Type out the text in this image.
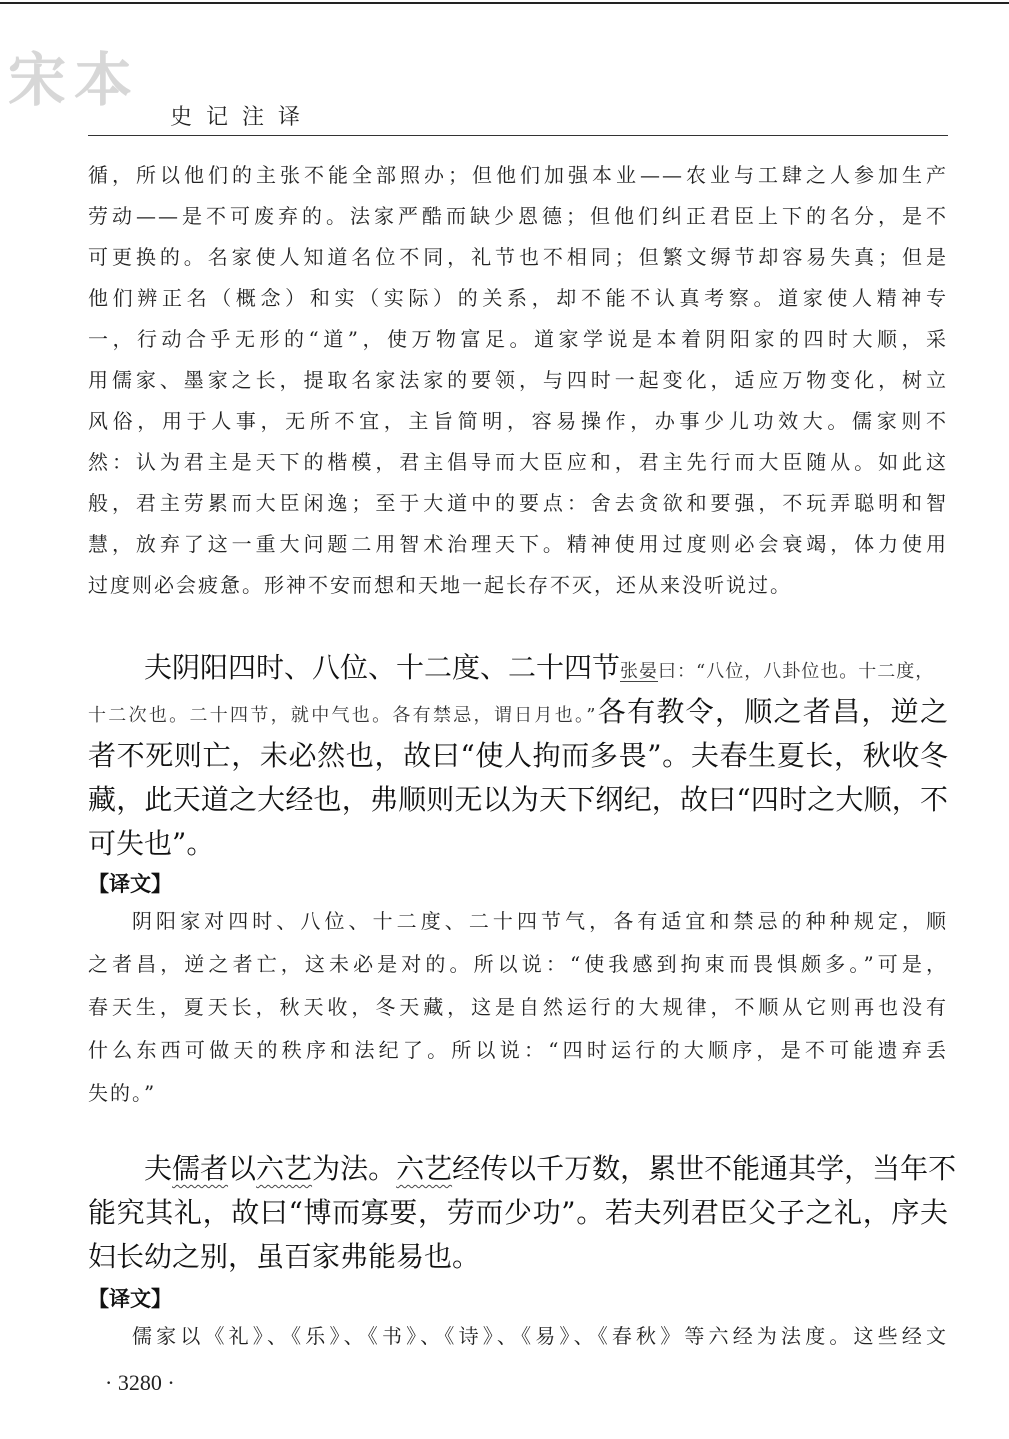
宋本
史记注译
循，所以他们的主张不能全部照办；但他们加强本业——农业与工肆之人参加生产
劳动——是不可废弃的。法家严酷而缺少恩德；但他们纠正君臣上下的名分，是不
可更换的。名家使人知道名位不同，礼节也不相同；但繁文缛节却容易失真；但是
他们辨正名（概念）和实（实际）的关系，却不能不认真考察。道家使人精神专
一，行动合乎无形的“道”，使万物富足。道家学说是本着阴阳家的四时大顺，采
用儒家、墨家之长，提取名家法家的要领，与四时一起变化，适应万物变化，树立
风俗，用于人事，无所不宜，主旨简明，容易操作，办事少儿功效大。儒家则不
然：认为君主是天下的楷模，君主倡导而大臣应和，君主先行而大臣随从。如此这
般，君主劳累而大臣闲逸；至于大道中的要点：舍去贪欲和要强，不玩弄聪明和智
慧，放弃了这一重大问题二用智术治理天下。精神使用过度则必会衰竭，体力使用
过度则必会疲惫。形神不安而想和天地一起长存不灭，还从来没听说过。
夫阴阳四时、八位、十二度、二十四节张晏曰：“八位，八卦位也。十二度，
十二次也。二十四节，就中气也。各有禁忌，谓日月也。”各有教令，顺之者昌，逆之
者不死则亡，未必然也，故曰“使人拘而多畏”。夫春生夏长，秋收冬
藏，此天道之大经也，弗顺则无以为天下纲纪，故曰“四时之大顺，不
可失也”。
【译文】
阴阳家对四时、八位、十二度、二十四节气，各有适宜和禁忌的种种规定，顺
之者昌，逆之者亡，这未必是对的。所以说：“使我感到拘束而畏惧颇多。”可是，
春天生，夏天长，秋天收，冬天藏，这是自然运行的大规律，不顺从它则再也没有
什么东西可做天的秩序和法纪了。所以说：“四时运行的大顺序，是不可能遗弃丢
失的。”
夫儒者以六艺为法。六艺经传以千万数，累世不能通其学，当年不
能究其礼，故曰“博而寡要，劳而少功”。若夫列君臣父子之礼，序夫
妇长幼之别，虽百家弗能易也。
【译文】
儒家以《礼》、《乐》、《书》、《诗》、《易》、《春秋》等六经为法度。这些经文
· 3280 ·
